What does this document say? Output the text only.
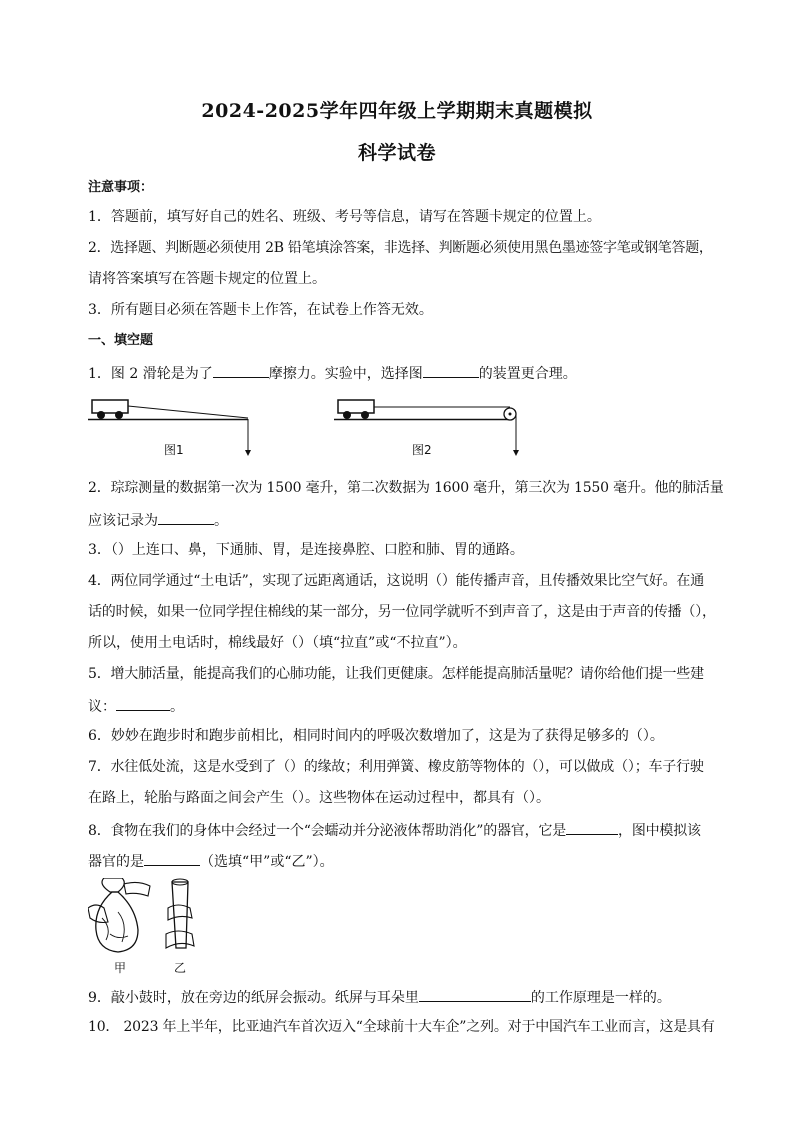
2024-2025学年四年级上学期期末真题模拟
科学试卷
注意事项：
1．答题前，填写好自己的姓名、班级、考号等信息，请写在答题卡规定的位置上。
2．选择题、判断题必须使用 2B 铅笔填涂答案，非选择、判断题必须使用黑色墨迹签字笔或钢笔答题，
请将答案填写在答题卡规定的位置上。
3．所有题目必须在答题卡上作答，在试卷上作答无效。
一、填空题
1．图 2 滑轮是为了	摩擦力。实验中，选择图	的装置更合理。
图1	图2
2．琮琮测量的数据第一次为 1500 毫升，第二次数据为 1600 毫升，第三次为 1550 毫升。他的肺活量
应该记录为	。
3．（）上连口、鼻，下通肺、胃，是连接鼻腔、口腔和肺、胃的通路。
4．两位同学通过“土电话”，实现了远距离通话，这说明（）能传播声音，且传播效果比空气好。在通
话的时候，如果一位同学捏住棉线的某一部分，另一位同学就听不到声音了，这是由于声音的传播（），
所以，使用土电话时，棉线最好（）（填“拉直”或“不拉直”）。
5．增大肺活量，能提高我们的心肺功能，让我们更健康。怎样能提高肺活量呢？请你给他们提一些建
议：	。
6．妙妙在跑步时和跑步前相比，相同时间内的呼吸次数增加了，这是为了获得足够多的（）。
7．水往低处流，这是水受到了（）的缘故；利用弹簧、橡皮筋等物体的（），可以做成（）；车子行驶
在路上，轮胎与路面之间会产生（）。这些物体在运动过程中，都具有（）。
8．食物在我们的身体中会经过一个“会蠕动并分泌液体帮助消化”的器官，它是	，图中模拟该
器官的是	（选填“甲”或“乙”）。
甲	乙
9．敲小鼓时，放在旁边的纸屏会振动。纸屏与耳朵里	的工作原理是一样的。
10． 2023 年上半年，比亚迪汽车首次迈入“全球前十大车企”之列。对于中国汽车工业而言，这是具有
